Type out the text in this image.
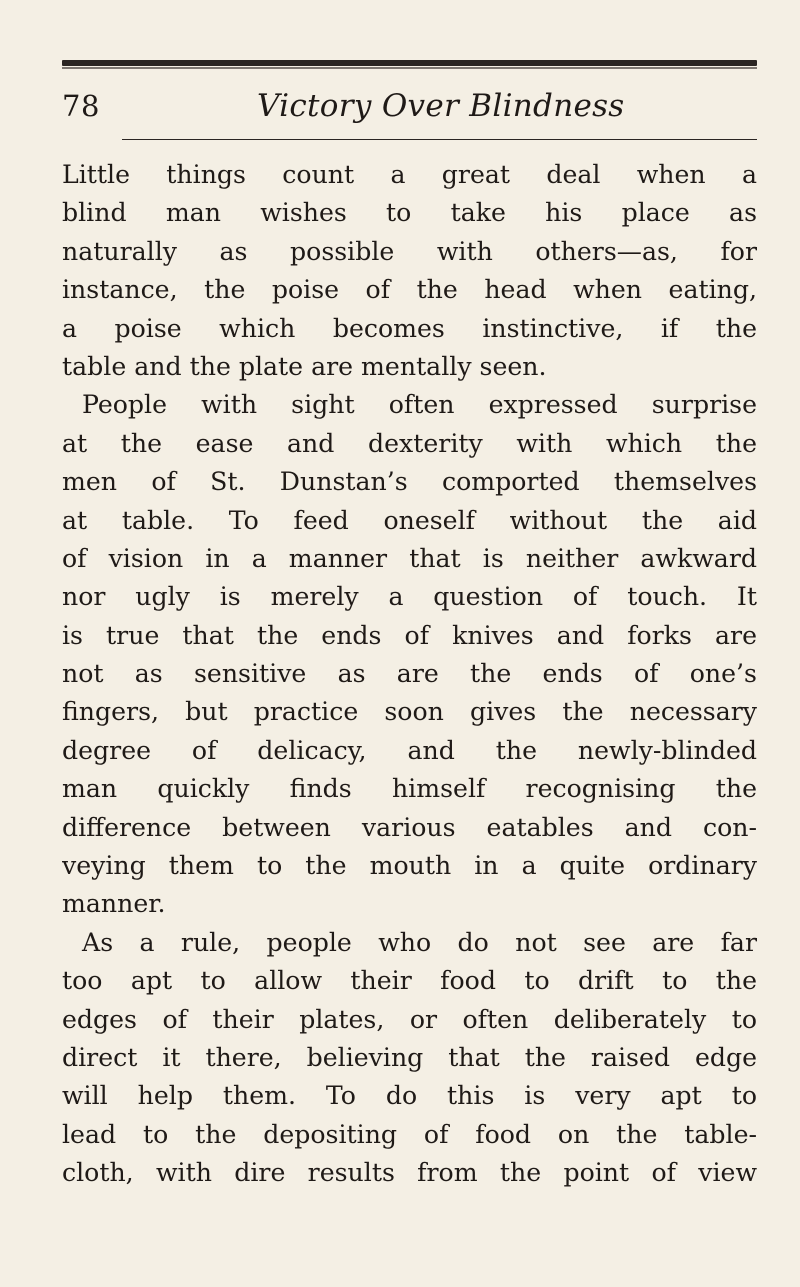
78	Victory Over Blindness
Little things count a great deal when a
blind man wishes to take his place as
naturally as possible with others—as, for
instance, the poise of the head when eating,
a poise which becomes instinctive, if the
table and the plate are mentally seen.
People with sight often expressed surprise
at the ease and dexterity with which the
men of St. Dunstan’s comported themselves
at table. To feed oneself without the aid
of vision in a manner that is neither awkward
nor ugly is merely a question of touch. It
is true that the ends of knives and forks are
not as sensitive as are the ends of one’s
fingers, but practice soon gives the necessary
degree of delicacy, and the newly-blinded
man quickly finds himself recognising the
difference between various eatables and con-
veying them to the mouth in a quite ordinary
manner.
As a rule, people who do not see are far
too apt to allow their food to drift to the
edges of their plates, or often deliberately to
direct it there, believing that the raised edge
will help them. To do this is very apt to
lead to the depositing of food on the table-
cloth, with dire results from the point of view
